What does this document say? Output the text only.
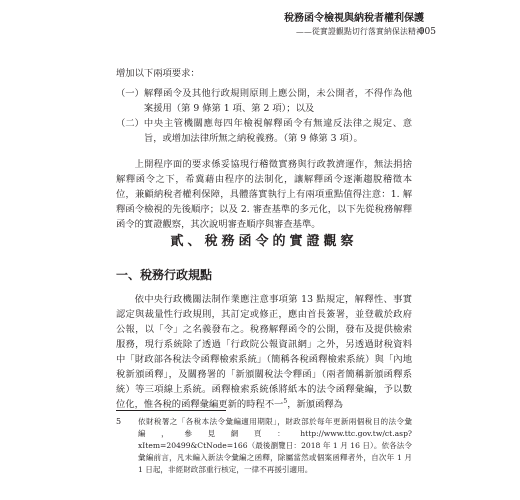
稅務函令檢視與納稅者權利保護
——從實證觀點切行落實納保法精神
005

增加以下兩項要求：

（一） 解釋函令及其他行政規則原則上應公開，未公開者，不得作為他案援用（第 9 條第 1 項、第 2 項）；以及
（二） 中央主管機關應每四年檢視解釋函令有無違反法律之規定、意旨，或增加法律所無之納稅義務。（第 9 條第 3 項）。

上開程序面的要求係妥協現行稽徵實務與行政教濟運作，無法捐捨解釋函令之下，希冀藉由程序的法制化，讓解釋函令逐漸趨脫稽徵本位，兼顧納稅者權利保障，具體落實執行上有兩項重點值得注意：1. 解釋函令檢視的先後順序；以及 2. 審查基準的多元化，以下先從稅務解釋函令的實證觀察，其次說明審查順序與審查基準。

貳、稅務函令的實證觀察
一、稅務行政規點

依中央行政機關法制作業應注意事項第 13 點規定，解釋性、事實認定與裁量性行政規則，其訂定或修正，應由首長簽署，並登載於政府公報，以「令」之名義發布之。稅務解釋函令的公開，發布及提供檢索服務，現行系統除了透過「行政院公報資訊網」之外，另透過財稅資料中「財政部各稅法令函釋檢索系統」（簡稱各稅函釋檢索系統）與「內地稅新頒函釋」，及關務署的「新頒關稅法令釋函」（兩者簡稱新頒函釋系統）等三項線上系統。函釋檢索系統係將紙本的法令函釋彙編，予以數位化，惟各稅的函釋彙編更新的時程不一$^5$，新頒函釋為

5	依財稅署之「各稅本法令彙編適用期限」，財政部於每年更新兩個稅目的法令彙編，參見網頁：http://www.ttc.gov.tw/ct.asp?xItem=20499&CtNode=166（最後瀏覽日：2018 年 1 月 16 日）。依各法令彙編前言，凡未編入新法令彙編之函釋，除屬當然或個案函釋者外，自次年 1 月 1 日起，非經財政部重行核定，一律不再援引適用。
